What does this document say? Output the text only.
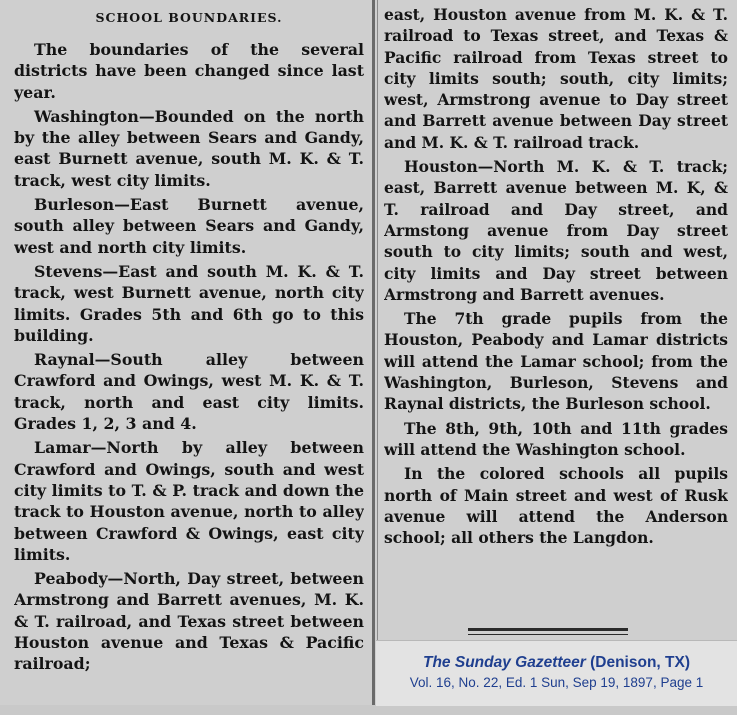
SCHOOL BOUNDARIES.

The boundaries of the several districts have been changed since last year.

Washington—Bounded on the north by the alley between Sears and Gandy, east Burnett avenue, south M. K. & T. track, west city limits.

Burleson—East Burnett avenue, south alley between Sears and Gandy, west and north city limits.

Stevens—East and south M. K. & T. track, west Burnett avenue, north city limits. Grades 5th and 6th go to this building.

Raynal—South alley between Crawford and Owings, west M. K. & T. track, north and east city limits. Grades 1, 2, 3 and 4.

Lamar—North by alley between Crawford and Owings, south and west city limits to T. & P. track and down the track to Houston avenue, north to alley between Crawford & Owings, east city limits.

Peabody—North, Day street, between Armstrong and Barrett avenues, M. K. & T. railroad, and Texas street between Houston avenue and Texas & Pacific railroad;

east, Houston avenue from M. K. & T. railroad to Texas street, and Texas & Pacific railroad from Texas street to city limits south; south, city limits; west, Armstrong avenue to Day street and Barrett avenue between Day street and M. K. & T. railroad track.

Houston—North M. K. & T. track; east, Barrett avenue between M. K, & T. railroad and Day street, and Armstong avenue from Day street south to city limits; south and west, city limits and Day street between Armstrong and Barrett avenues.

The 7th grade pupils from the Houston, Peabody and Lamar districts will attend the Lamar school; from the Washington, Burleson, Stevens and Raynal districts, the Burleson school.

The 8th, 9th, 10th and 11th grades will attend the Washington school.

In the colored schools all pupils north of Main street and west of Rusk avenue will attend the Anderson school; all others the Langdon.

The Sunday Gazetteer (Denison, TX)
Vol. 16, No. 22, Ed. 1 Sun, Sep 19, 1897, Page 1
